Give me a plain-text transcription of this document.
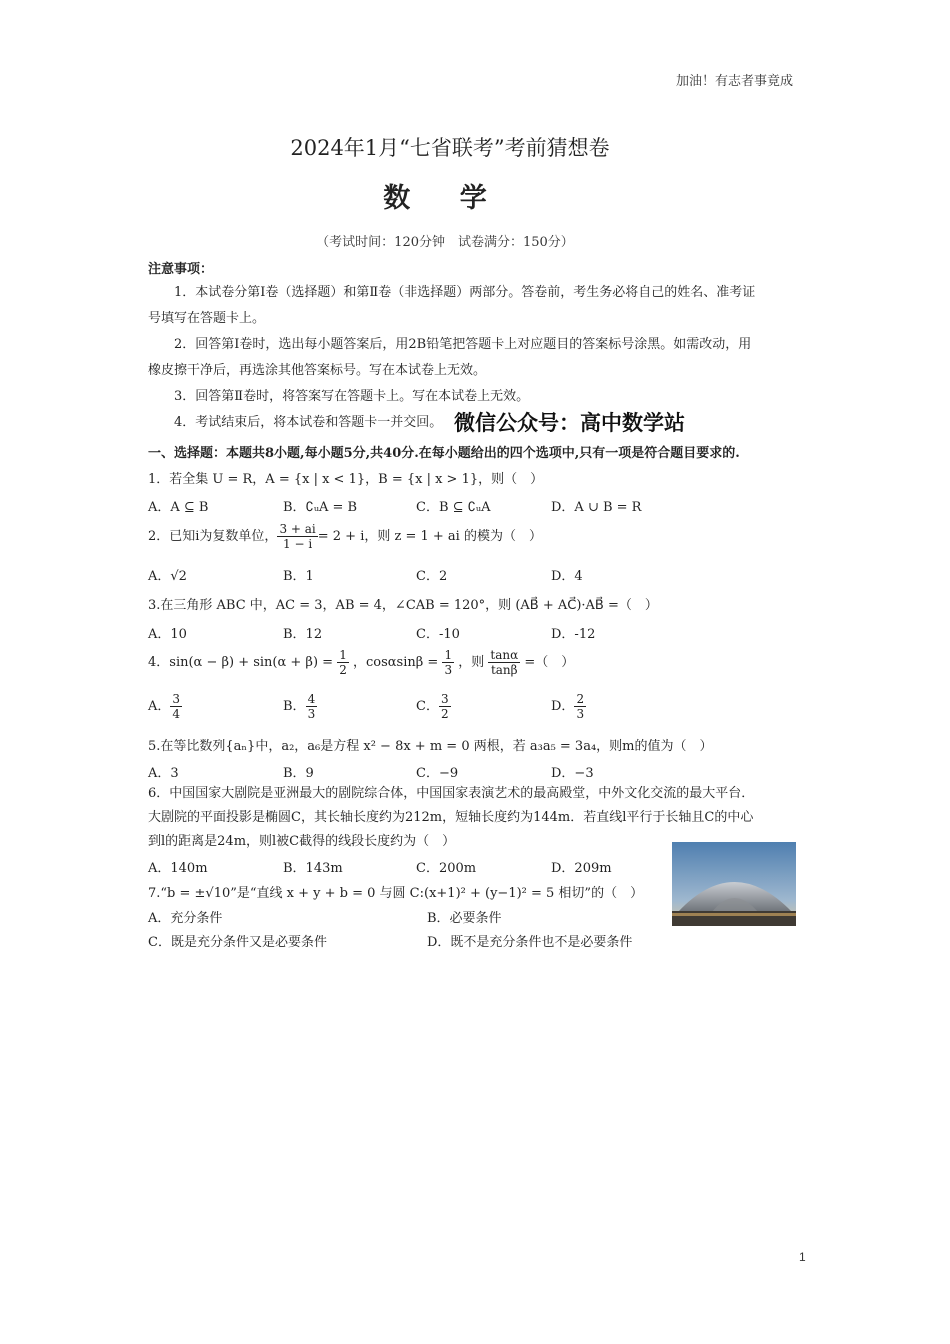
加油！有志者事竟成
2024年1月“七省联考”考前猜想卷
数 学
（考试时间：120分钟　试卷满分：150分）
注意事项：
1．本试卷分第Ⅰ卷（选择题）和第Ⅱ卷（非选择题）两部分。答卷前，考生务必将自己的姓名、准考证号填写在答题卡上。
2．回答第Ⅰ卷时，选出每小题答案后，用2B铅笔把答题卡上对应题目的答案标号涂黑。如需改动，用橡皮擦干净后，再选涂其他答案标号。写在本试卷上无效。
3．回答第Ⅱ卷时，将答案写在答题卡上。写在本试卷上无效。
4．考试结束后，将本试卷和答题卡一并交回。 微信公众号：高中数学站
一、选择题：本题共8小题,每小题5分,共40分.在每小题给出的四个选项中,只有一项是符合题目要求的.
1．若全集 U = R，A = {x | x < 1}，B = {x | x > 1}，则（　）
A．A ⊆ B	B．∁ᵤA = B	C．B ⊆ ∁ᵤA	D．A ∪ B = R
2．已知i为复数单位， $\frac{3 + ai}{1 - i} = 2 + i$，则 z = 1 + ai 的模为（　）
A．√2	B．1	C．2	D．4
3.在三角形 ABC 中，AC = 3，AB = 4，∠CAB = 120°，则 (AB⃗ + AC⃗)·AB⃗ =（　）
A．10	B．12	C．-10	D．-12
4．$\sin(\alpha - \beta) + \sin(\alpha + \beta) = \frac{1}{2}$ ，$\cos\alpha\sin\beta = \frac{1}{3}$ ，则 $\frac{\tan\alpha}{\tan\beta}$ =（　）
A． $\frac{3}{4}$	B． $\frac{4}{3}$	C． $\frac{3}{2}$	D． $\frac{2}{3}$
5.在等比数列{aₙ}中，a₂，a₆是方程 x² − 8x + m = 0 两根，若 a₃a₅ = 3a₄，则m的值为（　）
A．3	B．9	C．−9	D．−3
6．中国国家大剧院是亚洲最大的剧院综合体，中国国家表演艺术的最高殿堂，中外文化交流的最大平台．大剧院的平面投影是椭圆C，其长轴长度约为212m，短轴长度约为144m．若直线l平行于长轴且C的中心到l的距离是24m，则l被C截得的线段长度约为（　）
A．140m	B．143m	C．200m	D．209m
7.“b = ±√10”是“直线 x + y + b = 0 与圆 C:(x+1)² + (y−1)² = 5 相切”的（　）
A．充分条件	B．必要条件
C．既是充分条件又是必要条件	D．既不是充分条件也不是必要条件
1
